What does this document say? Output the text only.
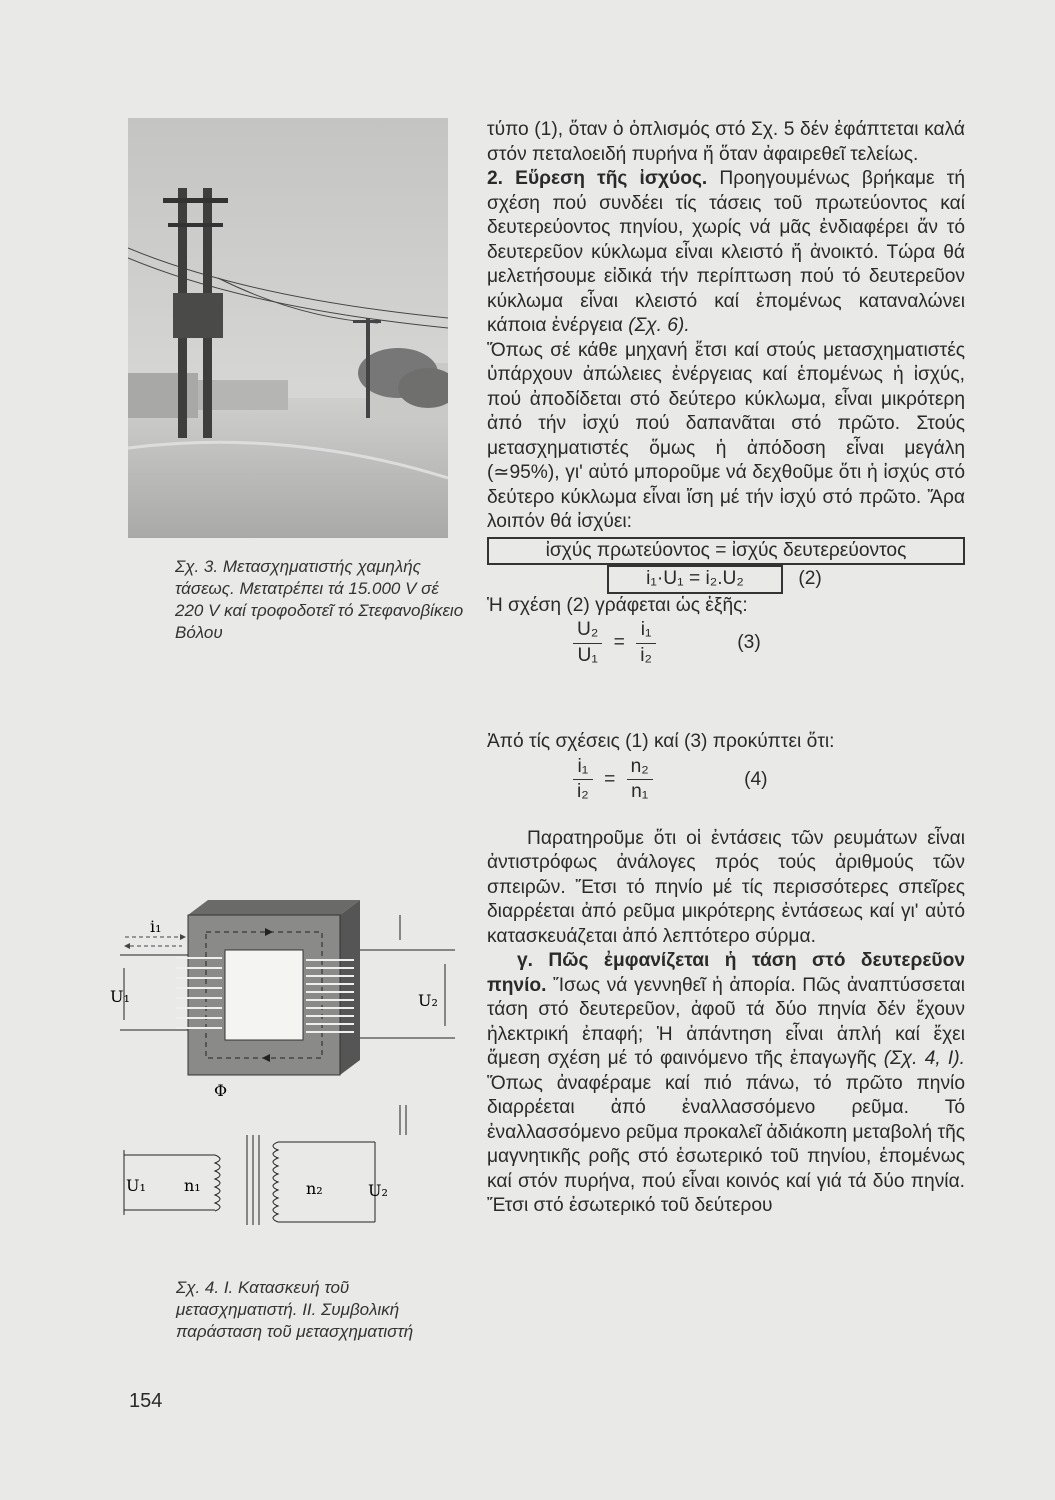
Σχ. 3. Μετασχηματιστής χαμηλής τάσεως. Μετατρέπει τά 15.000 V σέ 220 V καί τροφοδοτεῖ τό Στεφανοβίκειο Βόλου
i₁
U₁	U₂
Φ
U₁ n₁	n₂	U₂
Σχ. 4. Ι. Κατασκευή τοῦ μετασχηματιστή. ΙΙ. Συμβολική παράσταση τοῦ μετασχηματιστή

τύπο (1), ὅταν ὁ ὁπλισμός στό Σχ. 5 δέν ἐφάπτεται καλά στόν πεταλοειδή πυρήνα ἤ ὅταν ἀφαιρεθεῖ τελείως.

2. Εὕρεση τῆς ἰσχύος. Προηγουμένως βρήκαμε τή σχέση πού συνδέει τίς τάσεις τοῦ πρωτεύοντος καί δευτερεύοντος πηνίου, χωρίς νά μᾶς ἐνδιαφέρει ἄν τό δευτερεῦον κύκλωμα εἶναι κλειστό ἤ ἀνοικτό. Τώρα θά μελετήσουμε εἰδικά τήν περίπτωση πού τό δευτερεῦον κύκλωμα εἶναι κλειστό καί ἑπομένως καταναλώνει κάποια ἐνέργεια (Σχ. 6).

Ὅπως σέ κάθε μηχανή ἔτσι καί στούς μετασχηματιστές ὑπάρχουν ἀπώλειες ἐνέργειας καί ἑπομένως ἡ ἰσχύς, πού ἀποδίδεται στό δεύτερο κύκλωμα, εἶναι μικρότερη ἀπό τήν ἰσχύ πού δαπανᾶται στό πρῶτο. Στούς μετασχηματιστές ὅμως ἡ ἀπόδοση εἶναι μεγάλη (≃95%), γι' αὐτό μποροῦμε νά δεχθοῦμε ὅτι ἡ ἰσχύς στό δεύτερο κύκλωμα εἶναι ἴση μέ τήν ἰσχύ στό πρῶτο. Ἄρα λοιπόν θά ἰσχύει:

ἰσχύς πρωτεύοντος = ἰσχύς δευτερεύοντος
i₁·U₁ = i₂.U₂	(2)

Ἡ σχέση (2) γράφεται ὡς ἑξῆς:

$\frac{\text{U₂}}{\text{U₁}} = \frac{\text{i₁}}{\text{i₂}}$	(3)

Ἀπό τίς σχέσεις (1) καί (3) προκύπτει ὅτι:

$\frac{\text{i₁}}{\text{i₂}} = \frac{\text{n₂}}{\text{n₁}}$	(4)

Παρατηροῦμε ὅτι οἱ ἐντάσεις τῶν ρευμάτων εἶναι ἀντιστρόφως ἀνάλογες πρός τούς ἀριθμούς τῶν σπειρῶν. Ἔτσι τό πηνίο μέ τίς περισσότερες σπεῖρες διαρρέεται ἀπό ρεῦμα μικρότερης ἐντάσεως καί γι' αὐτό κατασκευάζεται ἀπό λεπτότερο σύρμα.

γ. Πῶς ἐμφανίζεται ἡ τάση στό δευτερεῦον πηνίο. Ἴσως νά γεννηθεῖ ἡ ἀπορία. Πῶς ἀναπτύσσεται τάση στό δευτερεῦον, ἀφοῦ τά δύο πηνία δέν ἔχουν ἠλεκτρική ἐπαφή; Ἡ ἀπάντηση εἶναι ἁπλή καί ἔχει ἄμεση σχέση μέ τό φαινόμενο τῆς ἐπαγωγῆς (Σχ. 4, Ι). Ὅπως ἀναφέραμε καί πιό πάνω, τό πρῶτο πηνίο διαρρέεται ἀπό ἐναλλασσόμενο ρεῦμα. Τό ἐναλλασσόμενο ρεῦμα προκαλεῖ ἀδιάκοπη μεταβολή τῆς μαγνητικῆς ροῆς στό ἐσωτερικό τοῦ πηνίου, ἑπομένως καί στόν πυρήνα, πού εἶναι κοινός καί γιά τά δύο πηνία. Ἔτσι στό ἐσωτερικό τοῦ δεύτερου

154
